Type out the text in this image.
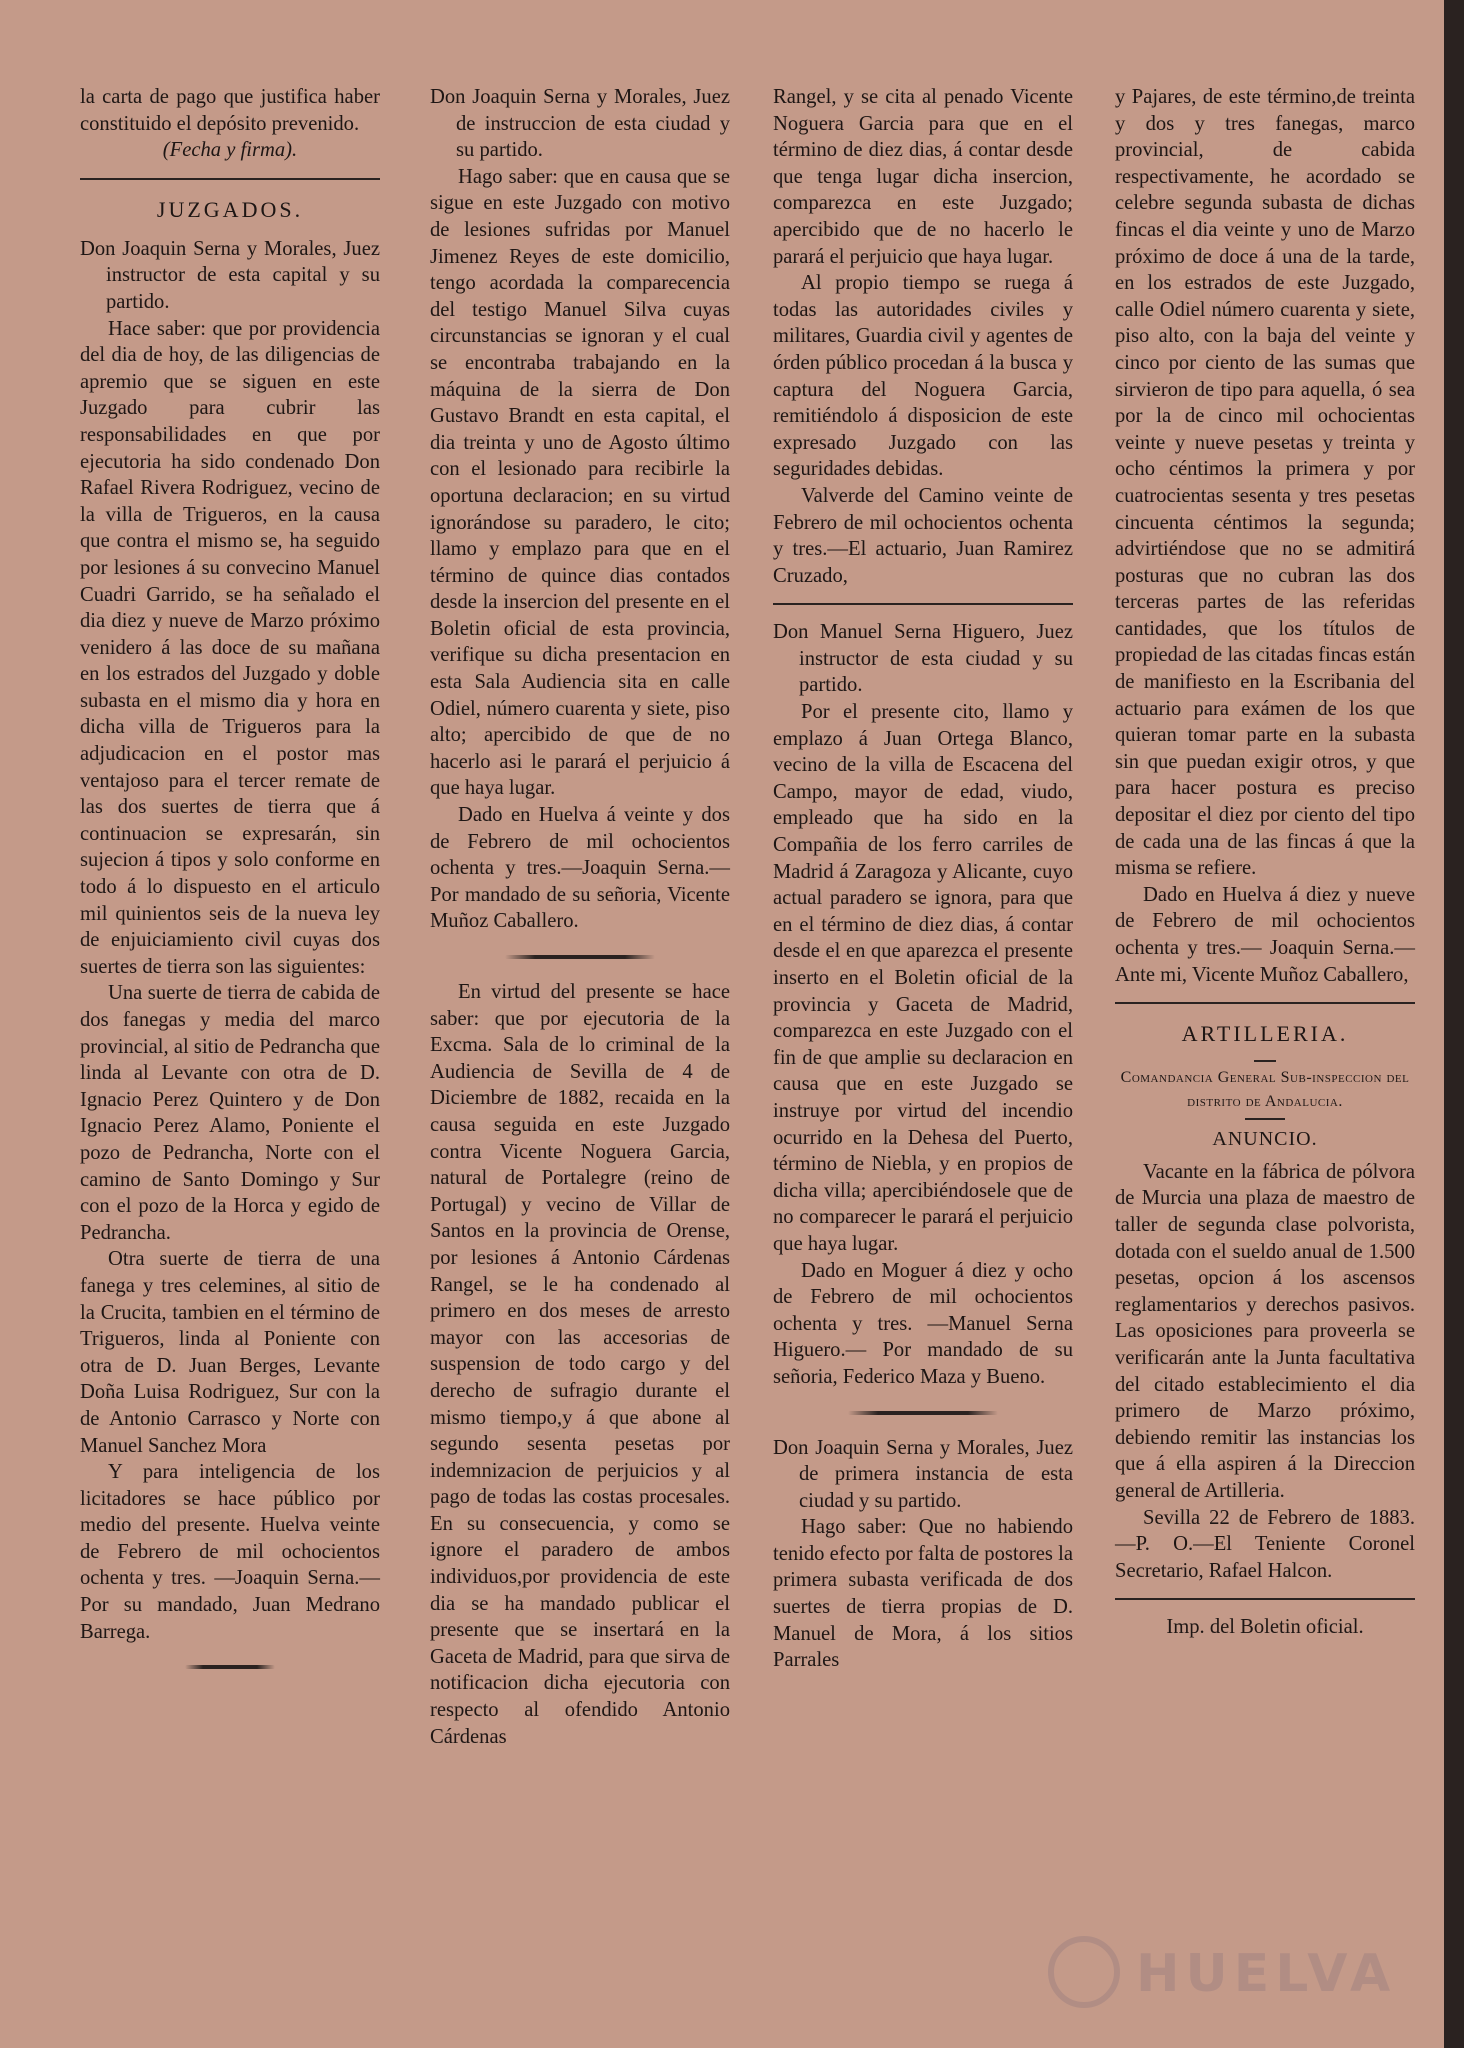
la carta de pago que justifica haber constituido el depósito prevenido.

(Fecha y firma).

JUZGADOS.

Don Joaquin Serna y Morales, Juez instructor de esta capital y su partido.

Hace saber: que por providencia del dia de hoy, de las diligencias de apremio que se siguen en este Juzgado para cubrir las responsabilidades en que por ejecutoria ha sido condenado Don Rafael Rivera Rodriguez, vecino de la villa de Trigueros, en la causa que contra el mismo se, ha seguido por lesiones á su convecino Manuel Cuadri Garrido, se ha señalado el dia diez y nueve de Marzo próximo venidero á las doce de su mañana en los estrados del Juzgado y doble subasta en el mismo dia y hora en dicha villa de Trigueros para la adjudicacion en el postor mas ventajoso para el tercer remate de las dos suertes de tierra que á continuacion se expresarán, sin sujecion á tipos y solo conforme en todo á lo dispuesto en el articulo mil quinientos seis de la nueva ley de enjuiciamiento civil cuyas dos suertes de tierra son las siguientes:

Una suerte de tierra de cabida de dos fanegas y media del marco provincial, al sitio de Pedrancha que linda al Levante con otra de D. Ignacio Perez Quintero y de Don Ignacio Perez Alamo, Poniente el pozo de Pedrancha, Norte con el camino de Santo Domingo y Sur con el pozo de la Horca y egido de Pedrancha.

Otra suerte de tierra de una fanega y tres celemines, al sitio de la Crucita, tambien en el término de Trigueros, linda al Poniente con otra de D. Juan Berges, Levante Doña Luisa Rodriguez, Sur con la de Antonio Carrasco y Norte con Manuel Sanchez Mora

Y para inteligencia de los licitadores se hace público por medio del presente. Huelva veinte de Febrero de mil ochocientos ochenta y tres. —Joaquin Serna.—Por su mandado, Juan Medrano Barrega.

Don Joaquin Serna y Morales, Juez de instruccion de esta ciudad y su partido.

Hago saber: que en causa que se sigue en este Juzgado con motivo de lesiones sufridas por Manuel Jimenez Reyes de este domicilio, tengo acordada la comparecencia del testigo Manuel Silva cuyas circunstancias se ignoran y el cual se encontraba trabajando en la máquina de la sierra de Don Gustavo Brandt en esta capital, el dia treinta y uno de Agosto último con el lesionado para recibirle la oportuna declaracion; en su virtud ignorándose su paradero, le cito; llamo y emplazo para que en el término de quince dias contados desde la insercion del presente en el Boletin oficial de esta provincia, verifique su dicha presentacion en esta Sala Audiencia sita en calle Odiel, número cuarenta y siete, piso alto; apercibido de que de no hacerlo asi le parará el perjuicio á que haya lugar.

Dado en Huelva á veinte y dos de Febrero de mil ochocientos ochenta y tres.—Joaquin Serna.—Por mandado de su señoria, Vicente Muñoz Caballero.

En virtud del presente se hace saber: que por ejecutoria de la Excma. Sala de lo criminal de la Audiencia de Sevilla de 4 de Diciembre de 1882, recaida en la causa seguida en este Juzgado contra Vicente Noguera Garcia, natural de Portalegre (reino de Portugal) y vecino de Villar de Santos en la provincia de Orense, por lesiones á Antonio Cárdenas Rangel, se le ha condenado al primero en dos meses de arresto mayor con las accesorias de suspension de todo cargo y del derecho de sufragio durante el mismo tiempo,y á que abone al segundo sesenta pesetas por indemnizacion de perjuicios y al pago de todas las costas procesales. En su consecuencia, y como se ignore el paradero de ambos individuos,por providencia de este dia se ha mandado publicar el presente que se insertará en la Gaceta de Madrid, para que sirva de notificacion dicha ejecutoria con respecto al ofendido Antonio Cárdenas

Rangel, y se cita al penado Vicente Noguera Garcia para que en el término de diez dias, á contar desde que tenga lugar dicha insercion, comparezca en este Juzgado; apercibido que de no hacerlo le parará el perjuicio que haya lugar.

Al propio tiempo se ruega á todas las autoridades civiles y militares, Guardia civil y agentes de órden público procedan á la busca y captura del Noguera Garcia, remitiéndolo á disposicion de este expresado Juzgado con las seguridades debidas.

Valverde del Camino veinte de Febrero de mil ochocientos ochenta y tres.—El actuario, Juan Ramirez Cruzado,

Don Manuel Serna Higuero, Juez instructor de esta ciudad y su partido.

Por el presente cito, llamo y emplazo á Juan Ortega Blanco, vecino de la villa de Escacena del Campo, mayor de edad, viudo, empleado que ha sido en la Compañia de los ferro carriles de Madrid á Zaragoza y Alicante, cuyo actual paradero se ignora, para que en el término de diez dias, á contar desde el en que aparezca el presente inserto en el Boletin oficial de la provincia y Gaceta de Madrid, comparezca en este Juzgado con el fin de que amplie su declaracion en causa que en este Juzgado se instruye por virtud del incendio ocurrido en la Dehesa del Puerto, término de Niebla, y en propios de dicha villa; apercibiéndosele que de no comparecer le parará el perjuicio que haya lugar.

Dado en Moguer á diez y ocho de Febrero de mil ochocientos ochenta y tres. —Manuel Serna Higuero.— Por mandado de su señoria, Federico Maza y Bueno.

Don Joaquin Serna y Morales, Juez de primera instancia de esta ciudad y su partido.

Hago saber: Que no habiendo tenido efecto por falta de postores la primera subasta verificada de dos suertes de tierra propias de D. Manuel de Mora, á los sitios Parrales

y Pajares, de este término,de treinta y dos y tres fanegas, marco provincial, de cabida respectivamente, he acordado se celebre segunda subasta de dichas fincas el dia veinte y uno de Marzo próximo de doce á una de la tarde, en los estrados de este Juzgado, calle Odiel número cuarenta y siete, piso alto, con la baja del veinte y cinco por ciento de las sumas que sirvieron de tipo para aquella, ó sea por la de cinco mil ochocientas veinte y nueve pesetas y treinta y ocho céntimos la primera y por cuatrocientas sesenta y tres pesetas cincuenta céntimos la segunda; advirtiéndose que no se admitirá posturas que no cubran las dos terceras partes de las referidas cantidades, que los títulos de propiedad de las citadas fincas están de manifiesto en la Escribania del actuario para exámen de los que quieran tomar parte en la subasta sin que puedan exigir otros, y que para hacer postura es preciso depositar el diez por ciento del tipo de cada una de las fincas á que la misma se refiere.

Dado en Huelva á diez y nueve de Febrero de mil ochocientos ochenta y tres.— Joaquin Serna.— Ante mi, Vicente Muñoz Caballero,

ARTILLERIA.
Comandancia General Sub-inspeccion del distrito de Andalucia.
ANUNCIO.

Vacante en la fábrica de pólvora de Murcia una plaza de maestro de taller de segunda clase polvorista, dotada con el sueldo anual de 1.500 pesetas, opcion á los ascensos reglamentarios y derechos pasivos. Las oposiciones para proveerla se verificarán ante la Junta facultativa del citado establecimiento el dia primero de Marzo próximo, debiendo remitir las instancias los que á ella aspiren á la Direccion general de Artilleria.

Sevilla 22 de Febrero de 1883.—P. O.—El Teniente Coronel Secretario, Rafael Halcon.

Imp. del Boletin oficial.

HUELVA
